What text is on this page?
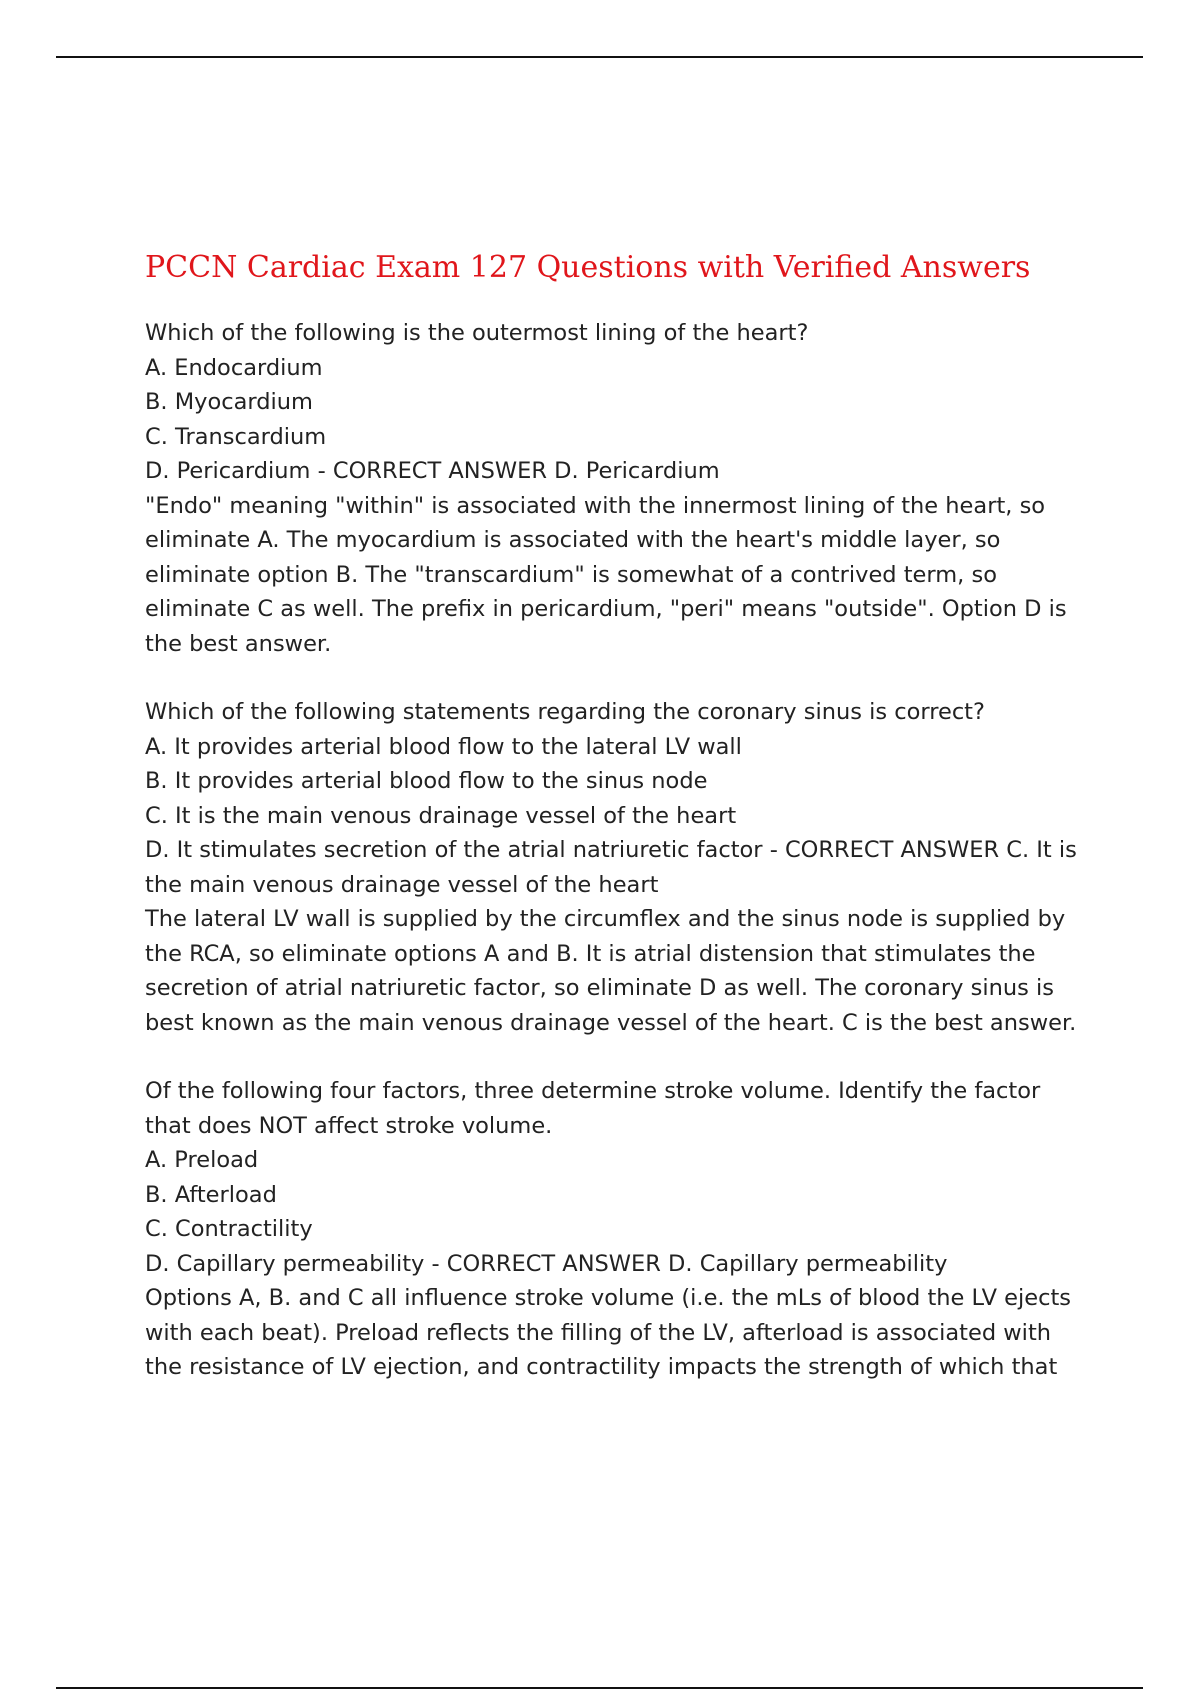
PCCN Cardiac Exam 127 Questions with Verified Answers

Which of the following is the outermost lining of the heart?

A. Endocardium

B. Myocardium

C. Transcardium

D. Pericardium - CORRECT ANSWER D. Pericardium

"Endo" meaning "within" is associated with the innermost lining of the heart, so

eliminate A. The myocardium is associated with the heart's middle layer, so

eliminate option B. The "transcardium" is somewhat of a contrived term, so

eliminate C as well. The prefix in pericardium, "peri" means "outside". Option D is

the best answer.

Which of the following statements regarding the coronary sinus is correct?

A. It provides arterial blood flow to the lateral LV wall

B. It provides arterial blood flow to the sinus node

C. It is the main venous drainage vessel of the heart

D. It stimulates secretion of the atrial natriuretic factor - CORRECT ANSWER C. It is

the main venous drainage vessel of the heart

The lateral LV wall is supplied by the circumflex and the sinus node is supplied by

the RCA, so eliminate options A and B. It is atrial distension that stimulates the

secretion of atrial natriuretic factor, so eliminate D as well. The coronary sinus is

best known as the main venous drainage vessel of the heart. C is the best answer.

Of the following four factors, three determine stroke volume. Identify the factor

that does NOT affect stroke volume.

A. Preload

B. Afterload

C. Contractility

D. Capillary permeability - CORRECT ANSWER D. Capillary permeability

Options A, B. and C all influence stroke volume (i.e. the mLs of blood the LV ejects

with each beat). Preload reflects the filling of the LV, afterload is associated with

the resistance of LV ejection, and contractility impacts the strength of which that
